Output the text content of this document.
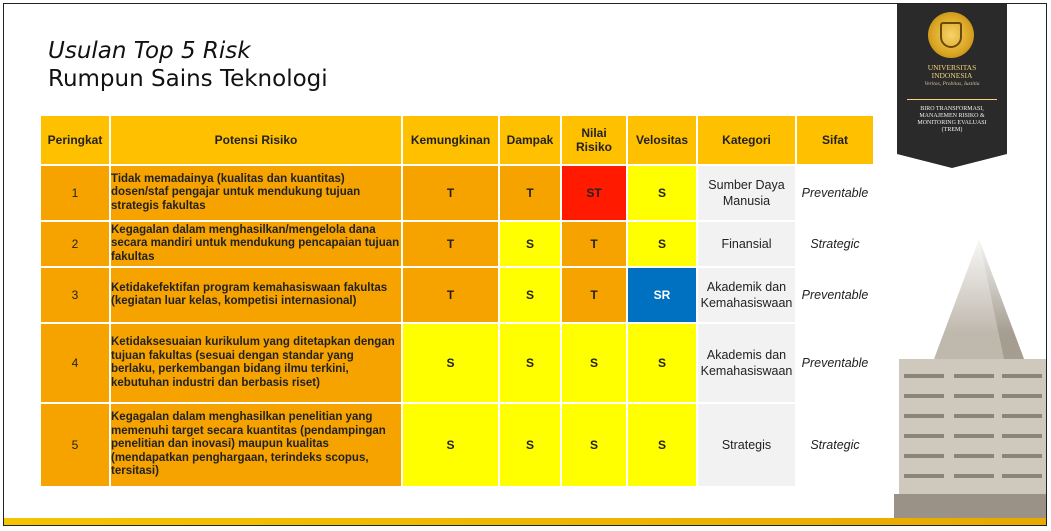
Usulan Top 5 Risk
Rumpun Sains Teknologi	UNIVERSITAS
INDONESIA
Veritas, Probitas, Iustitia
BIRO TRANSFORMASI,
MANAJEMEN RISIKO &
MONITORING EVALUASI
(TREM)
Peringkat	Potensi Risiko	Kemungkinan	Dampak	Nilai Risiko	Velositas	Kategori	Sifat
1	Tidak memadainya (kualitas dan kuantitas) dosen/staf pengajar untuk mendukung tujuan strategis fakultas	T	T	ST	S	Sumber Daya Manusia	Preventable
2	Kegagalan dalam menghasilkan/mengelola dana secara mandiri untuk mendukung pencapaian tujuan fakultas	T	S	T	S	Finansial	Strategic
3	Ketidakefektifan program kemahasiswaan fakultas (kegiatan luar kelas, kompetisi internasional)	T	S	T	SR	Akademik dan Kemahasiswaan	Preventable
4	Ketidaksesuaian kurikulum yang ditetapkan dengan tujuan fakultas (sesuai dengan standar yang berlaku, perkembangan bidang ilmu terkini, kebutuhan industri dan berbasis riset)	S	S	S	S	Akademis dan Kemahasiswaan	Preventable
5	Kegagalan dalam menghasilkan penelitian yang memenuhi target secara kuantitas (pendampingan penelitian dan inovasi) maupun kualitas (mendapatkan penghargaan, terindeks scopus, tersitasi)	S	S	S	S	Strategis	Strategic
